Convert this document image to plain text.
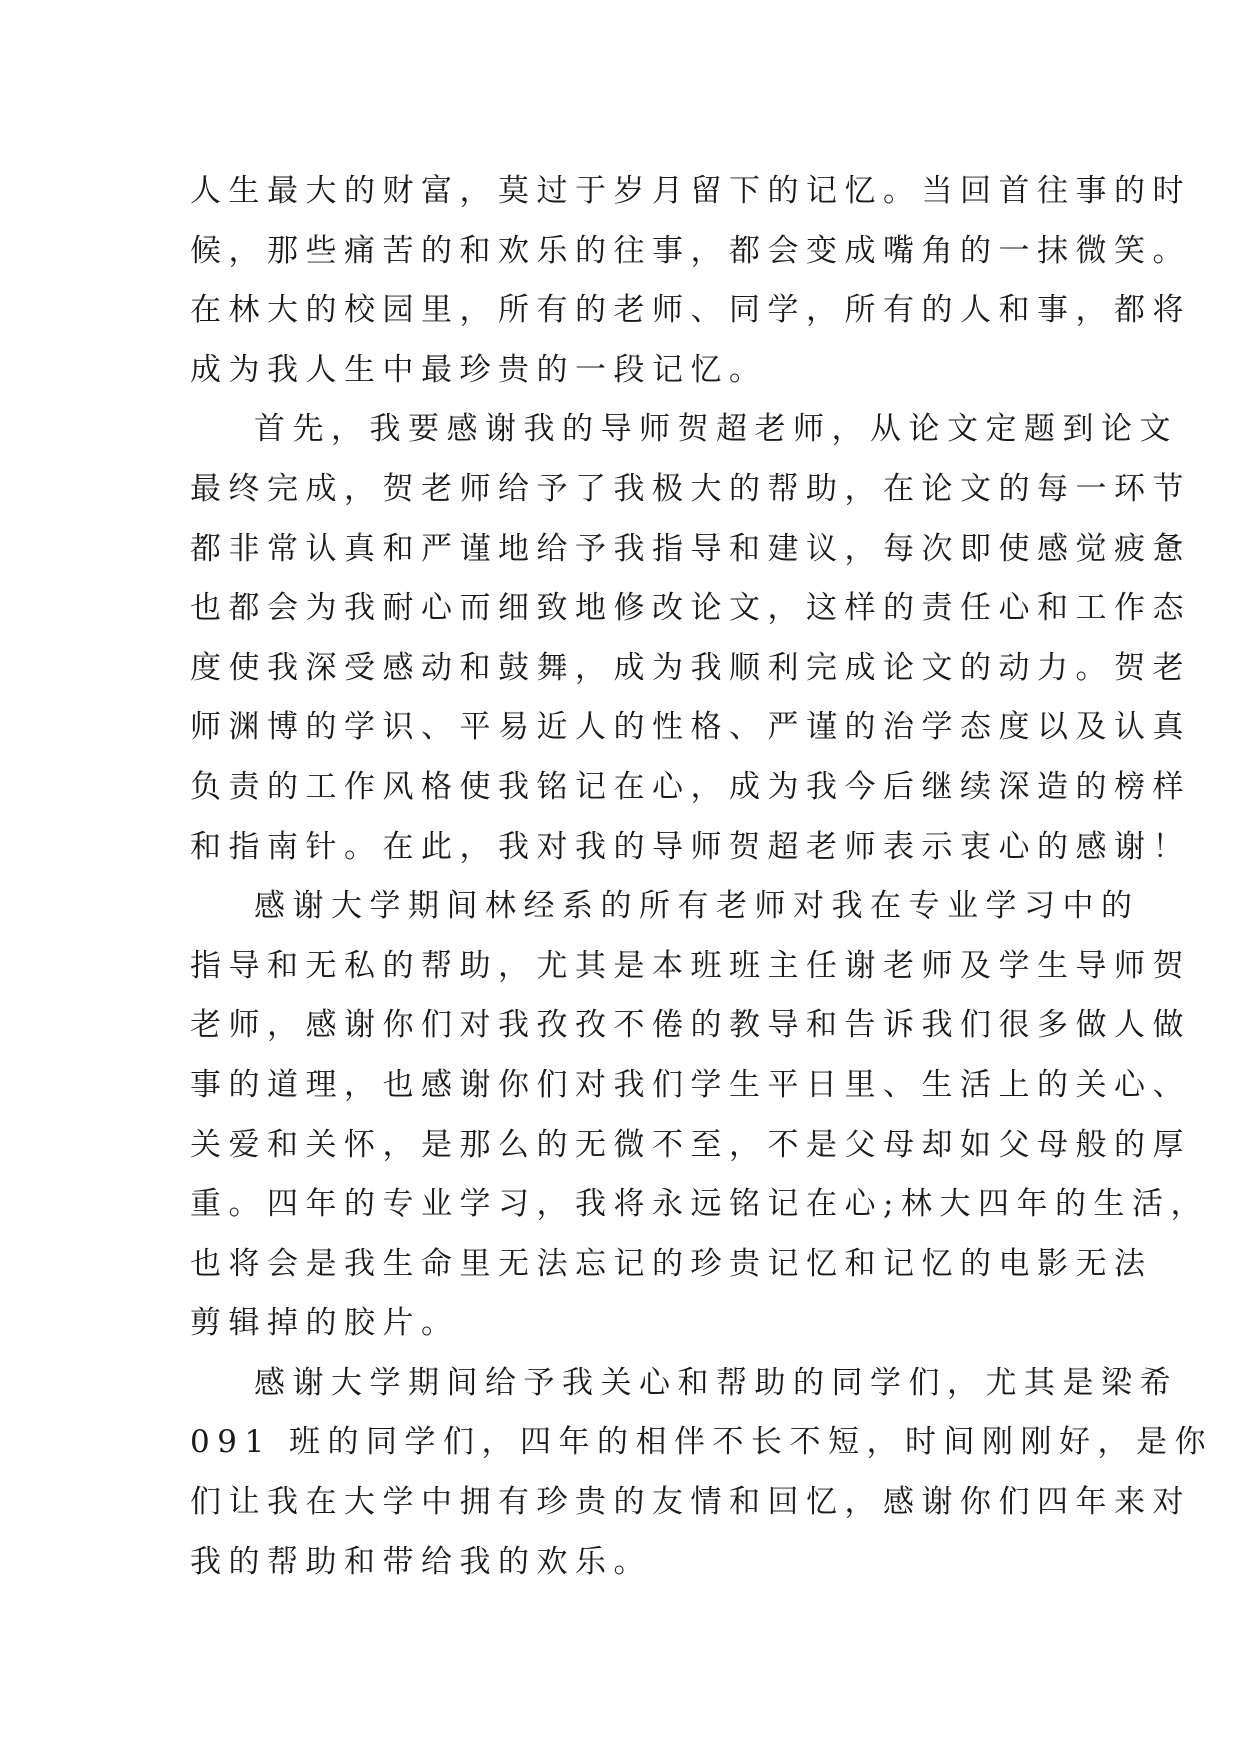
人生最大的财富，莫过于岁月留下的记忆。当回首往事的时
候，那些痛苦的和欢乐的往事，都会变成嘴角的一抹微笑。
在林大的校园里，所有的老师、同学，所有的人和事，都将
成为我人生中最珍贵的一段记忆。

首先，我要感谢我的导师贺超老师，从论文定题到论文
最终完成，贺老师给予了我极大的帮助，在论文的每一环节
都非常认真和严谨地给予我指导和建议，每次即使感觉疲惫
也都会为我耐心而细致地修改论文，这样的责任心和工作态
度使我深受感动和鼓舞，成为我顺利完成论文的动力。贺老
师渊博的学识、平易近人的性格、严谨的治学态度以及认真
负责的工作风格使我铭记在心，成为我今后继续深造的榜样
和指南针。在此，我对我的导师贺超老师表示衷心的感谢！

感谢大学期间林经系的所有老师对我在专业学习中的
指导和无私的帮助，尤其是本班班主任谢老师及学生导师贺
老师，感谢你们对我孜孜不倦的教导和告诉我们很多做人做
事的道理，也感谢你们对我们学生平日里、生活上的关心、
关爱和关怀，是那么的无微不至，不是父母却如父母般的厚
重。四年的专业学习，我将永远铭记在心;林大四年的生活，
也将会是我生命里无法忘记的珍贵记忆和记忆的电影无法
剪辑掉的胶片。

感谢大学期间给予我关心和帮助的同学们，尤其是梁希
091 班的同学们，四年的相伴不长不短，时间刚刚好，是你
们让我在大学中拥有珍贵的友情和回忆，感谢你们四年来对
我的帮助和带给我的欢乐。
